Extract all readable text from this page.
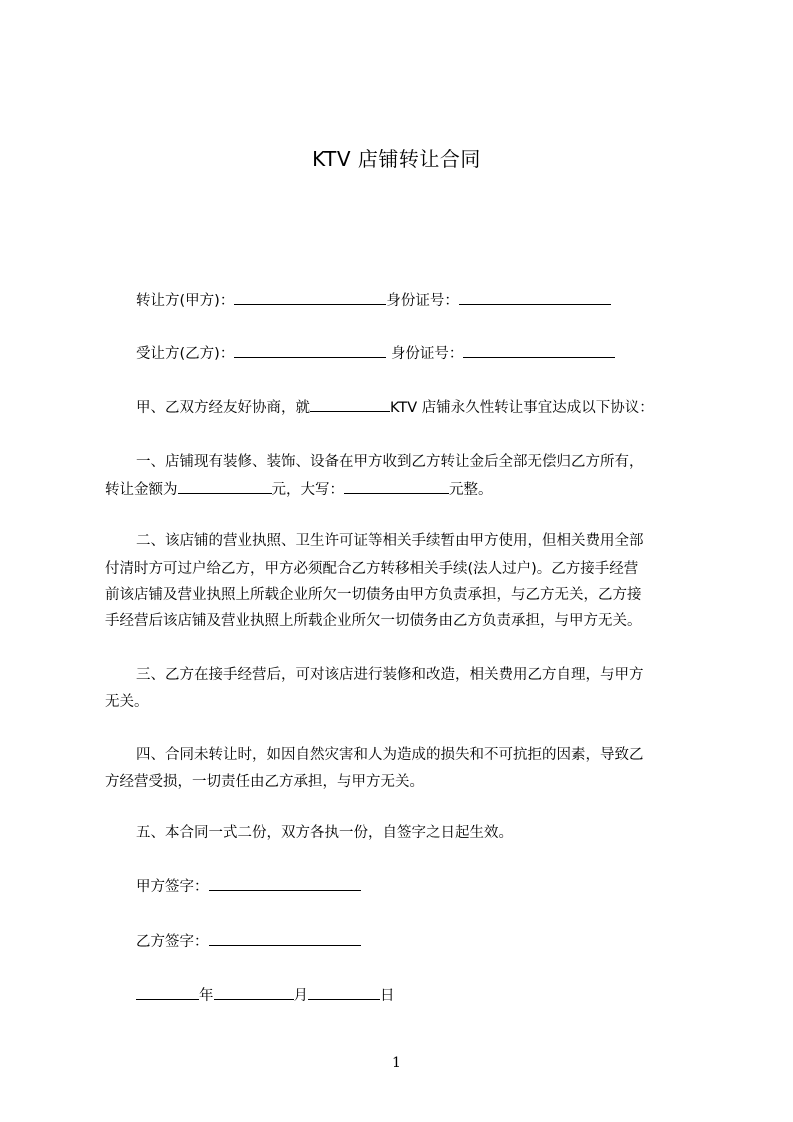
KTV 店铺转让合同
转让方(甲方)：	身份证号：
受让方(乙方)：	身份证号：
甲、乙双方经友好协商，就	KTV 店铺永久性转让事宜达成以下协议：
一、店铺现有装修、装饰、设备在甲方收到乙方转让金后全部无偿归乙方所有，
转让金额为	元，大写：	元整。
二、该店铺的营业执照、卫生许可证等相关手续暂由甲方使用，但相关费用全部
付清时方可过户给乙方，甲方必须配合乙方转移相关手续(法人过户)。乙方接手经营
前该店铺及营业执照上所载企业所欠一切债务由甲方负责承担，与乙方无关，乙方接
手经营后该店铺及营业执照上所载企业所欠一切债务由乙方负责承担，与甲方无关。
三、乙方在接手经营后，可对该店进行装修和改造，相关费用乙方自理，与甲方
无关。
四、合同未转让时，如因自然灾害和人为造成的损失和不可抗拒的因素，导致乙
方经营受损，一切责任由乙方承担，与甲方无关。
五、本合同一式二份，双方各执一份，自签字之日起生效。
甲方签字：
乙方签字：
年	月	日
1
